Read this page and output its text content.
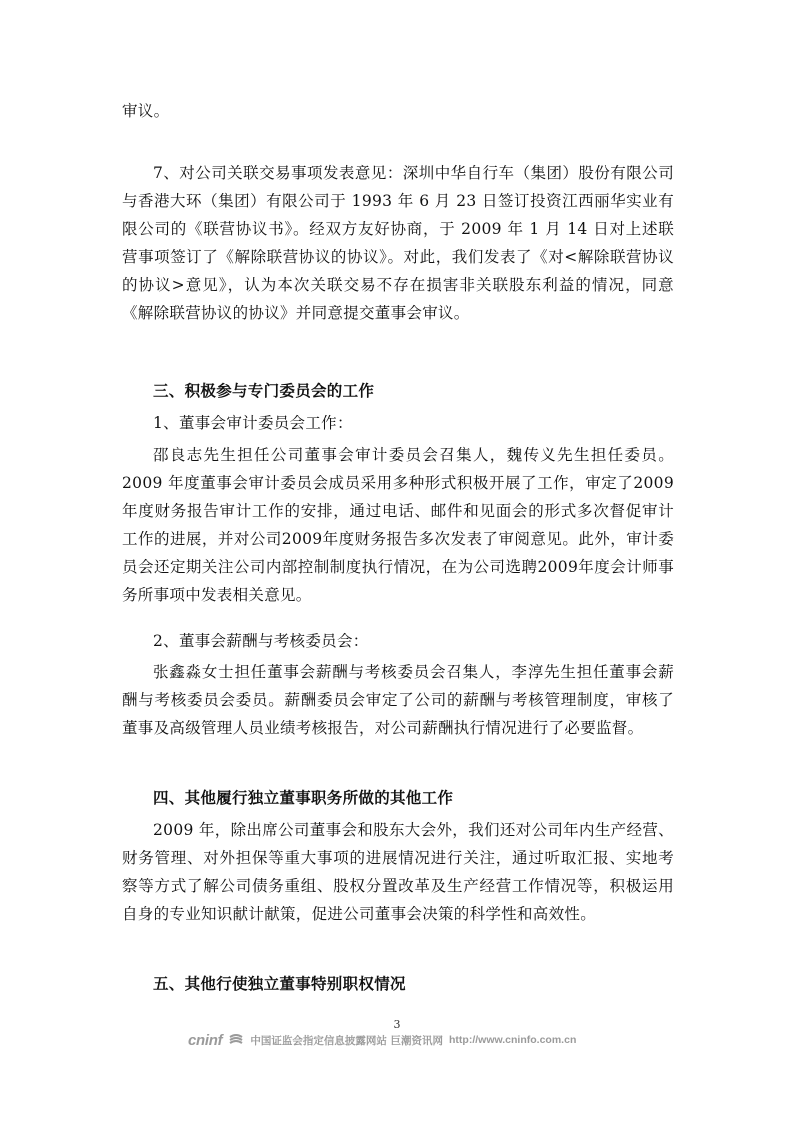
审议。
7、对公司关联交易事项发表意见：深圳中华自行车（集团）股份有限公司与香港大环（集团）有限公司于 1993 年 6 月 23 日签订投资江西丽华实业有限公司的《联营协议书》。经双方友好协商，于 2009 年 1 月 14 日对上述联营事项签订了《解除联营协议的协议》。对此，我们发表了《对<解除联营协议的协议>意见》，认为本次关联交易不存在损害非关联股东利益的情况，同意《解除联营协议的协议》并同意提交董事会审议。
三、积极参与专门委员会的工作
1、董事会审计委员会工作：
邵良志先生担任公司董事会审计委员会召集人，魏传义先生担任委员。2009 年度董事会审计委员会成员采用多种形式积极开展了工作，审定了2009 年度财务报告审计工作的安排，通过电话、邮件和见面会的形式多次督促审计工作的进展，并对公司2009年度财务报告多次发表了审阅意见。此外，审计委员会还定期关注公司内部控制制度执行情况，在为公司选聘2009年度会计师事务所事项中发表相关意见。
2、董事会薪酬与考核委员会：
张鑫淼女士担任董事会薪酬与考核委员会召集人，李淳先生担任董事会薪酬与考核委员会委员。薪酬委员会审定了公司的薪酬与考核管理制度，审核了董事及高级管理人员业绩考核报告，对公司薪酬执行情况进行了必要监督。
四、其他履行独立董事职务所做的其他工作
2009 年，除出席公司董事会和股东大会外，我们还对公司年内生产经营、财务管理、对外担保等重大事项的进展情况进行关注，通过听取汇报、实地考察等方式了解公司债务重组、股权分置改革及生产经营工作情况等，积极运用自身的专业知识献计献策，促进公司董事会决策的科学性和高效性。
五、其他行使独立董事特别职权情况
3
cninf	中国证监会指定信息披露网站 巨潮资讯网 http://www.cninfo.com.cn
